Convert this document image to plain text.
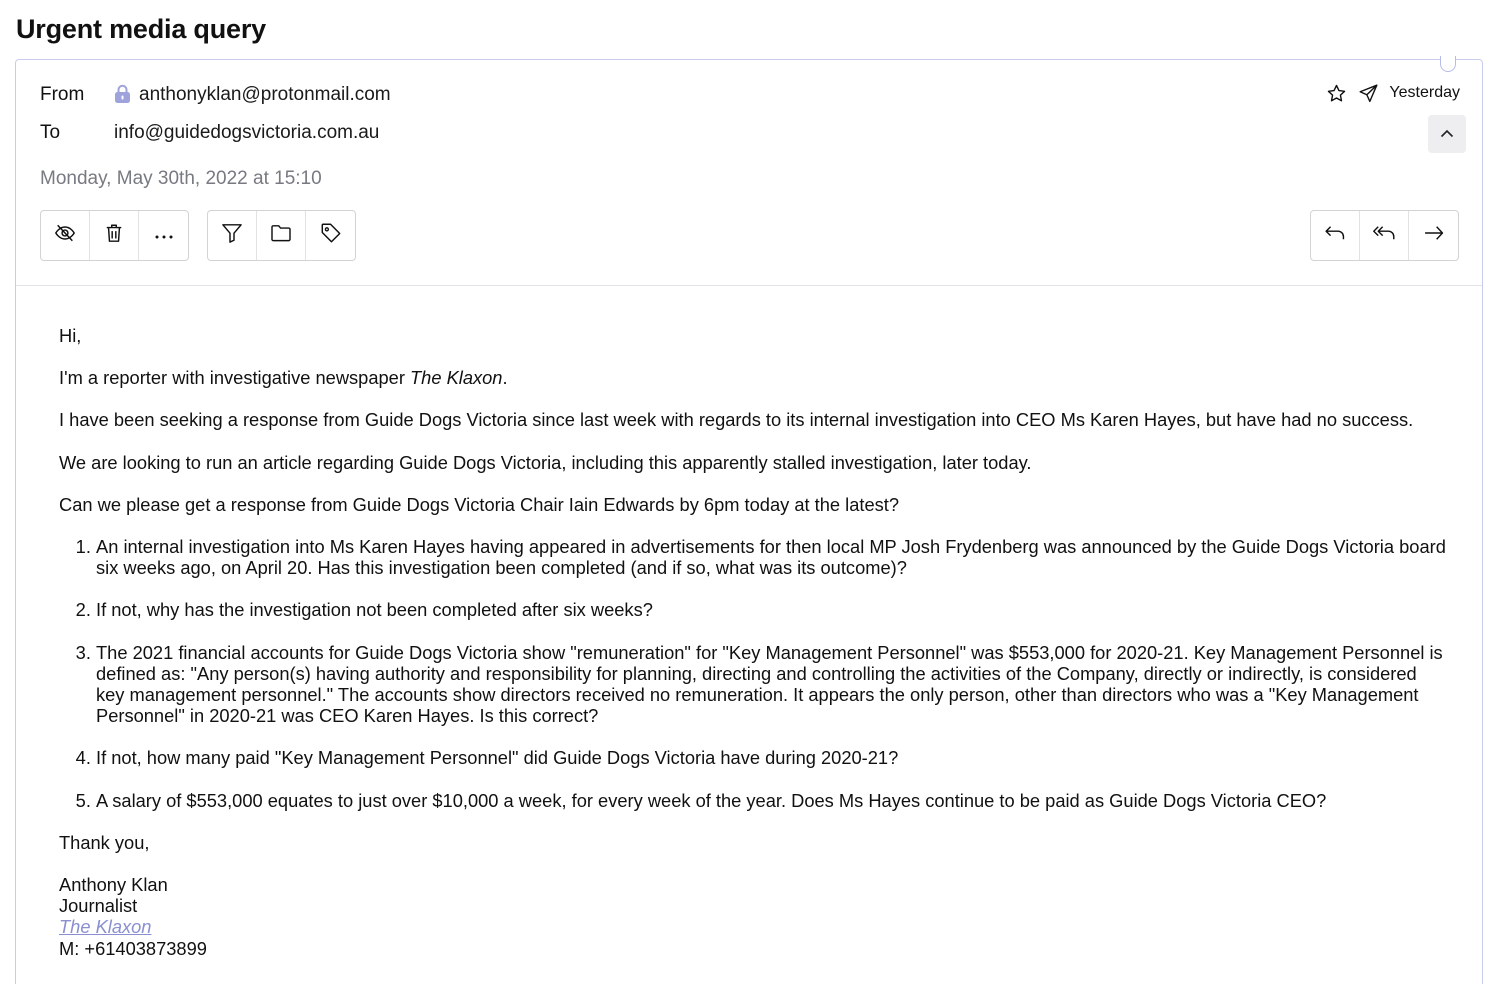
Urgent media query
From	anthonyklan@protonmail.com
To	info@guidedogsvictoria.com.au
Monday, May 30th, 2022 at 15:10
Yesterday

Hi,

I'm a reporter with investigative newspaper The Klaxon.

I have been seeking a response from Guide Dogs Victoria since last week with regards to its internal investigation into CEO Ms Karen Hayes, but have had no success.

We are looking to run an article regarding Guide Dogs Victoria, including this apparently stalled investigation, later today.

Can we please get a response from Guide Dogs Victoria Chair Iain Edwards by 6pm today at the latest?

1. An internal investigation into Ms Karen Hayes having appeared in advertisements for then local MP Josh Frydenberg was announced by the Guide Dogs Victoria board six weeks ago, on April 20. Has this investigation been completed (and if so, what was its outcome)?
2. If not, why has the investigation not been completed after six weeks?
3. The 2021 financial accounts for Guide Dogs Victoria show "remuneration" for "Key Management Personnel" was $553,000 for 2020-21. Key Management Personnel is defined as: "Any person(s) having authority and responsibility for planning, directing and controlling the activities of the Company, directly or indirectly, is considered key management personnel." The accounts show directors received no remuneration. It appears the only person, other than directors who was a "Key Management Personnel" in 2020-21 was CEO Karen Hayes. Is this correct?
4. If not, how many paid "Key Management Personnel" did Guide Dogs Victoria have during 2020-21?
5. A salary of $553,000 equates to just over $10,000 a week, for every week of the year. Does Ms Hayes continue to be paid as Guide Dogs Victoria CEO?

Thank you,

Anthony Klan
Journalist
The Klaxon
M: +61403873899
